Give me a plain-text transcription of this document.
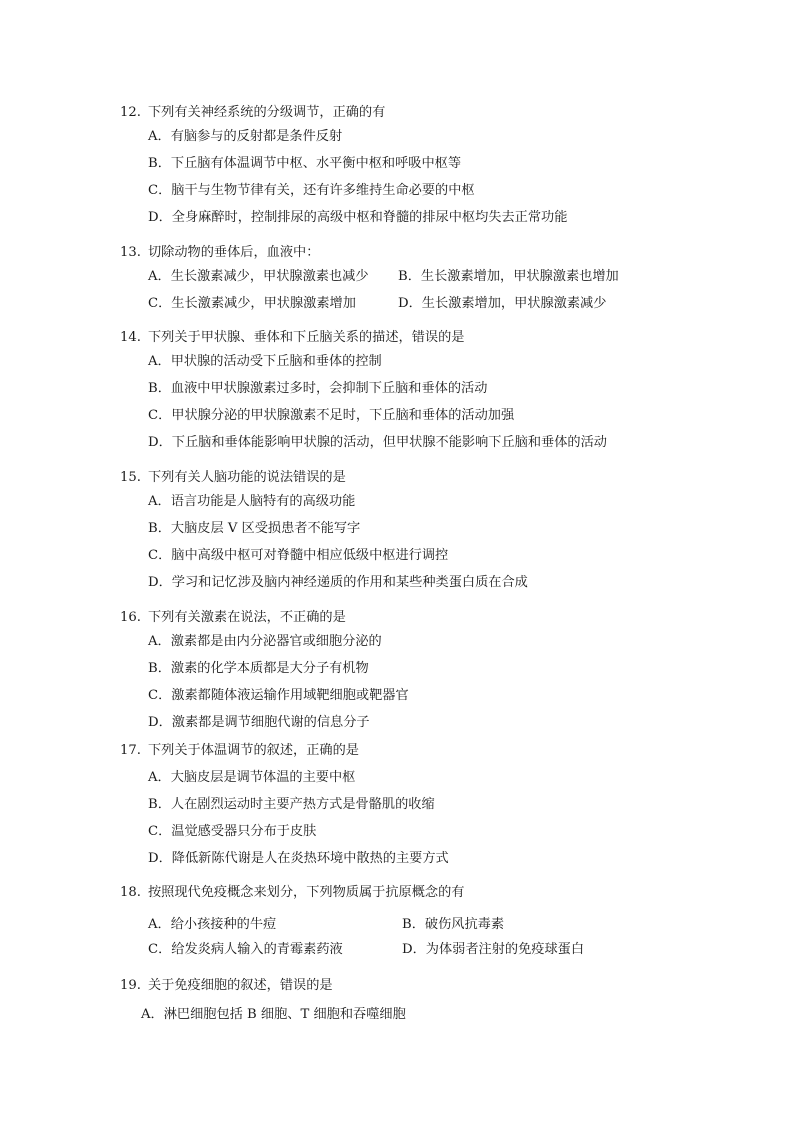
12. 下列有关神经系统的分级调节，正确的有
A．有脑参与的反射都是条件反射
B．下丘脑有体温调节中枢、水平衡中枢和呼吸中枢等
C．脑干与生物节律有关，还有许多维持生命必要的中枢
D．全身麻醉时，控制排尿的高级中枢和脊髓的排尿中枢均失去正常功能
13. 切除动物的垂体后，血液中：
A．生长激素减少，甲状腺激素也减少 B．生长激素增加，甲状腺激素也增加
C．生长激素减少，甲状腺激素增加	D．生长激素增加，甲状腺激素减少
14. 下列关于甲状腺、垂体和下丘脑关系的描述，错误的是
A．甲状腺的活动受下丘脑和垂体的控制
B．血液中甲状腺激素过多时，会抑制下丘脑和垂体的活动
C．甲状腺分泌的甲状腺激素不足时，下丘脑和垂体的活动加强
D．下丘脑和垂体能影响甲状腺的活动，但甲状腺不能影响下丘脑和垂体的活动
15. 下列有关人脑功能的说法错误的是
A．语言功能是人脑特有的高级功能
B．大脑皮层 V 区受损患者不能写字
C．脑中高级中枢可对脊髓中相应低级中枢进行调控
D．学习和记忆涉及脑内神经递质的作用和某些种类蛋白质在合成
16. 下列有关激素在说法，不正确的是
A．激素都是由内分泌器官或细胞分泌的
B．激素的化学本质都是大分子有机物
C．激素都随体液运输作用域靶细胞或靶器官
D．激素都是调节细胞代谢的信息分子
17. 下列关于体温调节的叙述，正确的是
A．大脑皮层是调节体温的主要中枢
B．人在剧烈运动时主要产热方式是骨骼肌的收缩
C．温觉感受器只分布于皮肤
D．降低新陈代谢是人在炎热环境中散热的主要方式
18. 按照现代免疫概念来划分，下列物质属于抗原概念的有
A．给小孩接种的牛痘	B．破伤风抗毒素
C．给发炎病人输入的青霉素药液	D．为体弱者注射的免疫球蛋白
19. 关于免疫细胞的叙述，错误的是
A．淋巴细胞包括 B 细胞、T 细胞和吞噬细胞
